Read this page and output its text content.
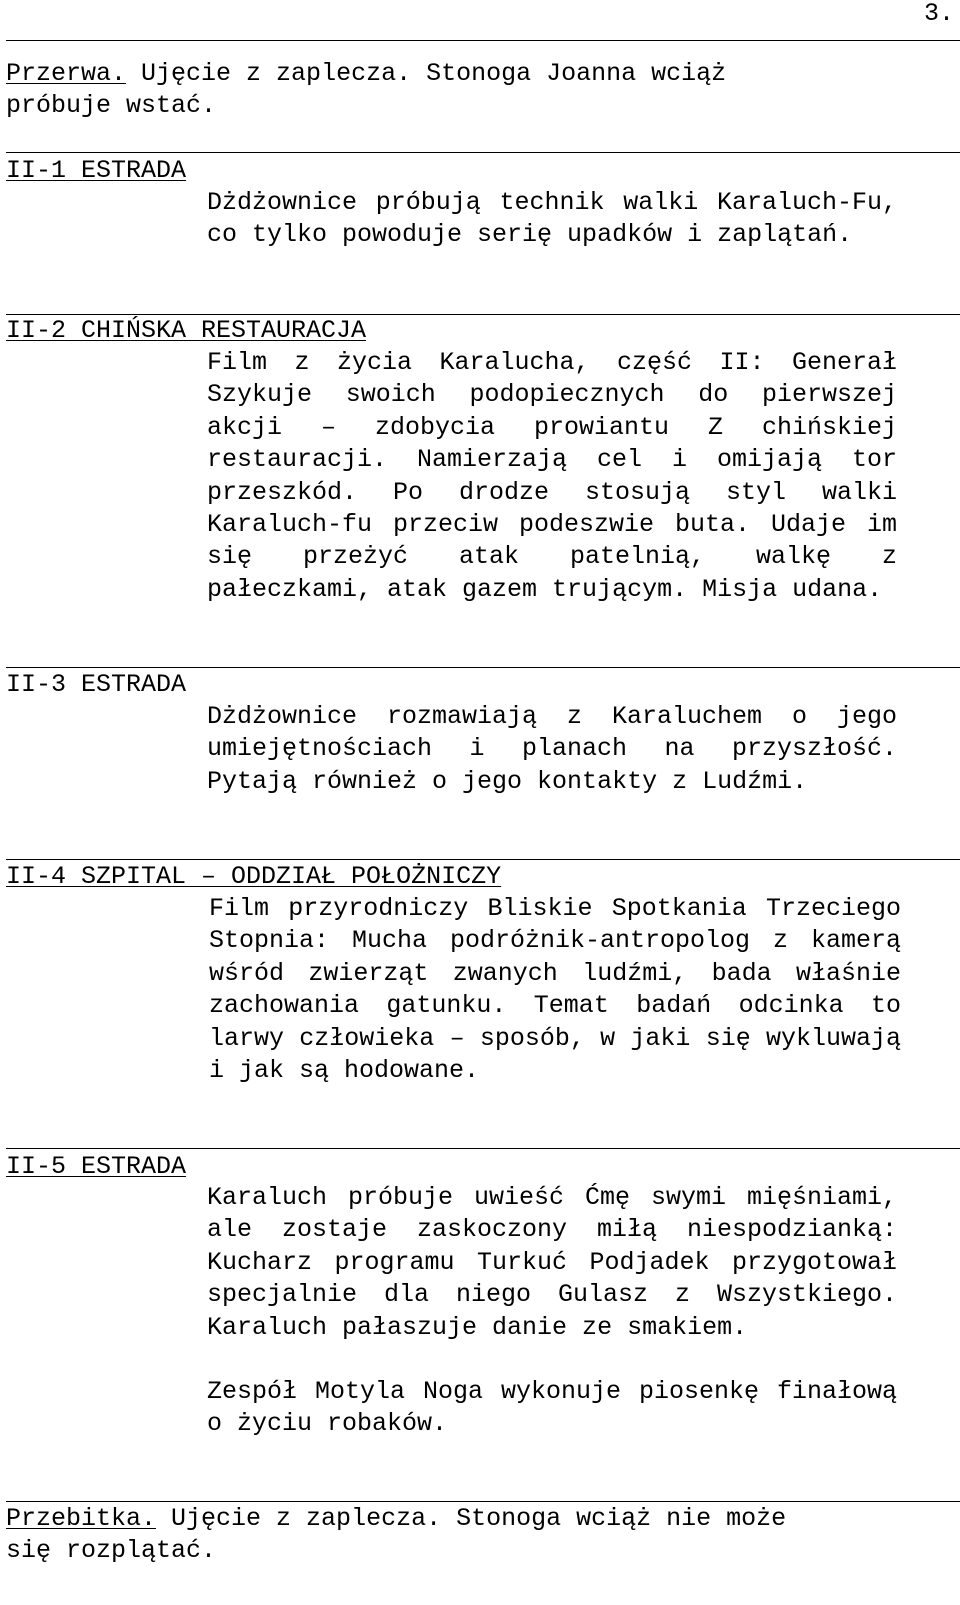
3.
Przerwa. Ujęcie z zaplecza. Stonoga Joanna wciąż
próbuje wstać.
II-1 ESTRADA

Dżdżownice próbują technik walki Karaluch-Fu, co tylko powoduje serię upadków i zaplątań.

II-2 CHIŃSKA RESTAURACJA

Film z życia Karalucha, część II: Generał Szykuje swoich podopiecznych do pierwszej akcji – zdobycia prowiantu Z chińskiej restauracji. Namierzają cel i omijają tor przeszkód. Po drodze stosują styl walki Karaluch-fu przeciw podeszwie buta. Udaje im się przeżyć atak patelnią, walkę z pałeczkami, atak gazem trującym. Misja udana.

II-3 ESTRADA

Dżdżownice rozmawiają z Karaluchem o jego umiejętnościach i planach na przyszłość. Pytają również o jego kontakty z Ludźmi.

II-4 SZPITAL – ODDZIAŁ POŁOŻNICZY

Film przyrodniczy Bliskie Spotkania Trzeciego Stopnia: Mucha podróżnik-antropolog z kamerą wśród zwierząt zwanych ludźmi, bada właśnie zachowania gatunku. Temat badań odcinka to larwy człowieka – sposób, w jaki się wykluwają i jak są hodowane.

II-5 ESTRADA

Karaluch próbuje uwieść Ćmę swymi mięśniami, ale zostaje zaskoczony miłą niespodzianką: Kucharz programu Turkuć Podjadek przygotował specjalnie dla niego Gulasz z Wszystkiego. Karaluch pałaszuje danie ze smakiem.

Zespół Motyla Noga wykonuje piosenkę finałową o życiu robaków.

Przebitka. Ujęcie z zaplecza. Stonoga wciąż nie może
się rozplątać.
